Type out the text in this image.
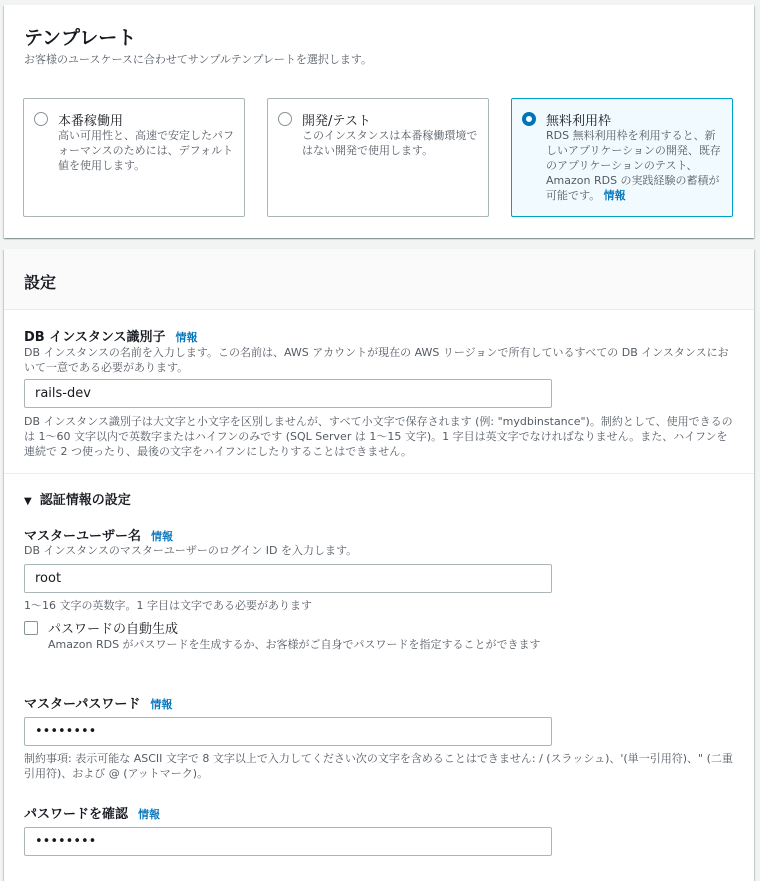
テンプレート
お客様のユースケースに合わせてサンプルテンプレートを選択します。
本番稼働用
高い可用性と、高速で安定したパフォーマンスのためには、デフォルト値を使用します。
開発/テスト
このインスタンスは本番稼働環境ではない開発で使用します。
無料利用枠
RDS 無料利用枠を利用すると、新しいアプリケーションの開発、既存のアプリケーションのテスト、Amazon RDS の実践経験の蓄積が可能です。 情報
設定
DB インスタンス識別子 情報
DB インスタンスの名前を入力します。この名前は、AWS アカウントが現在の AWS リージョンで所有しているすべての DB インスタンスにおいて一意である必要があります。
rails-dev
DB インスタンス識別子は大文字と小文字を区別しませんが、すべて小文字で保存されます (例: "mydbinstance")。制約として、使用できるのは 1～60 文字以内で英数字またはハイフンのみです (SQL Server は 1～15 文字)。1 字目は英文字でなければなりません。また、ハイフンを連続で 2 つ使ったり、最後の文字をハイフンにしたりすることはできません。
▼ 認証情報の設定
マスターユーザー名 情報
DB インスタンスのマスターユーザーのログイン ID を入力します。
root
1～16 文字の英数字。1 字目は文字である必要があります
パスワードの自動生成
Amazon RDS がパスワードを生成するか、お客様がご自身でパスワードを指定することができます
マスターパスワード 情報
••••••••
制約事項: 表示可能な ASCII 文字で 8 文字以上で入力してください次の文字を含めることはできません: / (スラッシュ)、'(単一引用符)、" (二重引用符)、および @ (アットマーク)。
パスワードを確認 情報
••••••••
